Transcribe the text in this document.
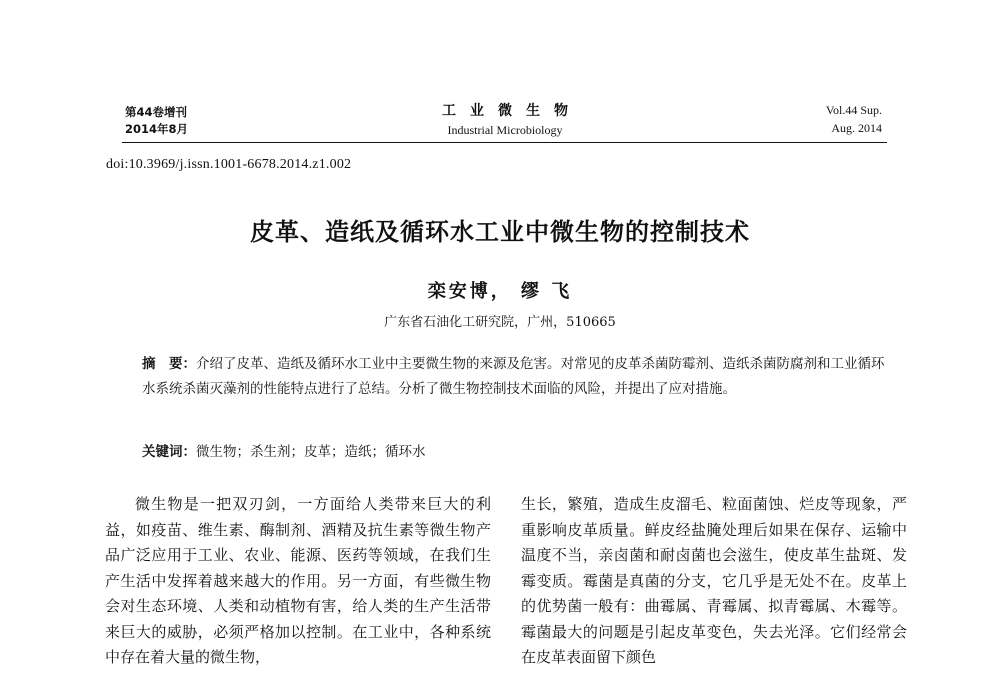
第44卷增刊
2014年8月
工业微生物
Industrial Microbiology
Vol.44 Sup.
Aug. 2014
doi:10.3969/j.issn.1001-6678.2014.z1.002
皮革、造纸及循环水工业中微生物的控制技术
栾安博， 缪 飞
广东省石油化工研究院，广州，510665
摘　要：介绍了皮革、造纸及循环水工业中主要微生物的来源及危害。对常见的皮革杀菌防霉剂、造纸杀菌防腐剂和工业循环水系统杀菌灭藻剂的性能特点进行了总结。分析了微生物控制技术面临的风险，并提出了应对措施。
关键词：微生物；杀生剂；皮革；造纸；循环水

微生物是一把双刃剑，一方面给人类带来巨大的利益，如疫苗、维生素、酶制剂、酒精及抗生素等微生物产品广泛应用于工业、农业、能源、医药等领域，在我们生产生活中发挥着越来越大的作用。另一方面，有些微生物会对生态环境、人类和动植物有害，给人类的生产生活带来巨大的威胁，必须严格加以控制。在工业中，各种系统中存在着大量的微生物，

生长，繁殖，造成生皮溜毛、粒面菌蚀、烂皮等现象，严重影响皮革质量。鲜皮经盐腌处理后如果在保存、运输中温度不当，亲卤菌和耐卤菌也会滋生，使皮革生盐斑、发霉变质。霉菌是真菌的分支，它几乎是无处不在。皮革上的优势菌一般有：曲霉属、青霉属、拟青霉属、木霉等。霉菌最大的问题是引起皮革变色，失去光泽。它们经常会在皮革表面留下颜色
